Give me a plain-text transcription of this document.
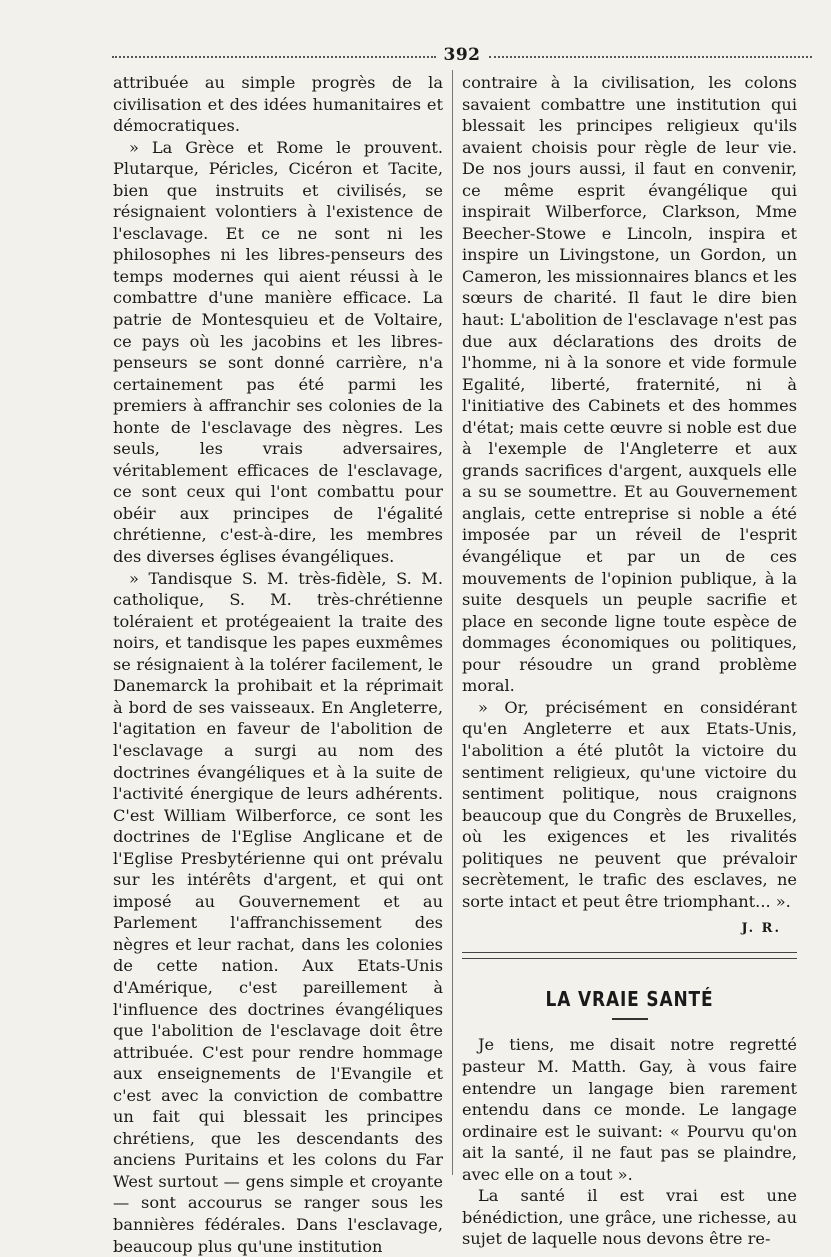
392

attribuée au simple progrès de la civilisation et des idées humanitaires et démocratiques.

» La Grèce et Rome le prouvent. Plutarque, Péricles, Cicéron et Tacite, bien que instruits et civilisés, se résignaient volontiers à l'existence de l'esclavage. Et ce ne sont ni les philosophes ni les libres-penseurs des temps modernes qui aient réussi à le combattre d'une manière efficace. La patrie de Montesquieu et de Voltaire, ce pays où les jacobins et les libres-penseurs se sont donné carrière, n'a certainement pas été parmi les premiers à affranchir ses colonies de la honte de l'esclavage des nègres. Les seuls, les vrais adversaires, véritablement efficaces de l'esclavage, ce sont ceux qui l'ont combattu pour obéir aux principes de l'égalité chrétienne, c'est-à-dire, les membres des diverses églises évangéliques.

» Tandisque S. M. très-fidèle, S. M. catholique, S. M. très-chrétienne toléraient et protégeaient la traite des noirs, et tandisque les papes euxmêmes se résignaient à la tolérer facilement, le Danemarck la prohibait et la réprimait à bord de ses vaisseaux. En Angleterre, l'agitation en faveur de l'abolition de l'esclavage a surgi au nom des doctrines évangéliques et à la suite de l'activité énergique de leurs adhérents. C'est William Wilberforce, ce sont les doctrines de l'Eglise Anglicane et de l'Eglise Presbytérienne qui ont prévalu sur les intérêts d'argent, et qui ont imposé au Gouvernement et au Parlement l'affranchissement des nègres et leur rachat, dans les colonies de cette nation. Aux Etats-Unis d'Amérique, c'est pareillement à l'influence des doctrines évangéliques que l'abolition de l'esclavage doit être attribuée. C'est pour rendre hommage aux enseignements de l'Evangile et c'est avec la conviction de combattre un fait qui blessait les principes chrétiens, que les descendants des anciens Puritains et les colons du Far West surtout — gens simple et croyante — sont accourus se ranger sous les bannières fédérales. Dans l'esclavage, beaucoup plus qu'une institution

contraire à la civilisation, les colons savaient combattre une institution qui blessait les principes religieux qu'ils avaient choisis pour règle de leur vie. De nos jours aussi, il faut en convenir, ce même esprit évangélique qui inspirait Wilberforce, Clarkson, Mme Beecher-Stowe e Lincoln, inspira et inspire un Livingstone, un Gordon, un Cameron, les missionnaires blancs et les sœurs de charité. Il faut le dire bien haut: L'abolition de l'esclavage n'est pas due aux déclarations des droits de l'homme, ni à la sonore et vide formule Egalité, liberté, fraternité, ni à l'initiative des Cabinets et des hommes d'état; mais cette œuvre si noble est due à l'exemple de l'Angleterre et aux grands sacrifices d'argent, auxquels elle a su se soumettre. Et au Gouvernement anglais, cette entreprise si noble a été imposée par un réveil de l'esprit évangélique et par un de ces mouvements de l'opinion publique, à la suite desquels un peuple sacrifie et place en seconde ligne toute espèce de dommages économiques ou politiques, pour résoudre un grand problème moral.

» Or, précisément en considérant qu'en Angleterre et aux Etats-Unis, l'abolition a été plutôt la victoire du sentiment religieux, qu'une victoire du sentiment politique, nous craignons beaucoup que du Congrès de Bruxelles, où les exigences et les rivalités politiques ne peuvent que prévaloir secrètement, le trafic des esclaves, ne sorte intact et peut être triomphant... ».

J. R.

LA VRAIE SANTÉ

Je tiens, me disait notre regretté pasteur M. Matth. Gay, à vous faire entendre un langage bien rarement entendu dans ce monde. Le langage ordinaire est le suivant: « Pourvu qu'on ait la santé, il ne faut pas se plaindre, avec elle on a tout ».

La santé il est vrai est une bénédiction, une grâce, une richesse, au sujet de laquelle nous devons être re-
